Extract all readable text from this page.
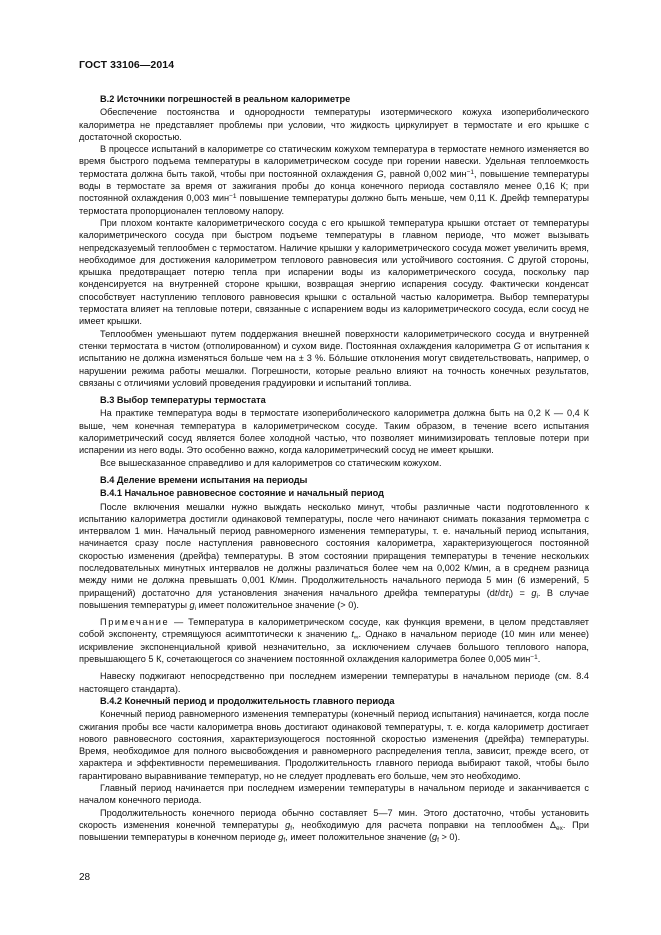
ГОСТ 33106—2014
В.2 Источники погрешностей в реальном калориметре

Обеспечение постоянства и однородности температуры изотермического кожуха изопериболического калориметра не представляет проблемы при условии, что жидкость циркулирует в термостате и его крышке с достаточной скоростью.

В процессе испытаний в калориметре со статическим кожухом температура в термостате немного изменяется во время быстрого подъема температуры в калориметрическом сосуде при горении навески. Удельная теплоемкость термостата должна быть такой, чтобы при постоянной охлаждения G, равной 0,002 мин$^{-1}$, повышение температуры воды в термостате за время от зажигания пробы до конца конечного периода составляло менее 0,16 К; при постоянной охлаждения 0,003 мин$^{-1}$ повышение температуры должно быть меньше, чем 0,11 К. Дрейф температуры термостата пропорционален тепловому напору.

При плохом контакте калориметрического сосуда с его крышкой температура крышки отстает от температуры калориметрического сосуда при быстром подъеме температуры в главном периоде, что может вызывать непредсказуемый теплообмен с термостатом. Наличие крышки у калориметрического сосуда может увеличить время, необходимое для достижения калориметром теплового равновесия или устойчивого состояния. С другой стороны, крышка предотвращает потерю тепла при испарении воды из калориметрического сосуда, поскольку пар конденсируется на внутренней стороне крышки, возвращая энергию испарения сосуду. Фактически конденсат способствует наступлению теплового равновесия крышки с остальной частью калориметра. Выбор температуры термостата влияет на тепловые потери, связанные с испарением воды из калориметрического сосуда, если сосуд не имеет крышки.

Теплообмен уменьшают путем поддержания внешней поверхности калориметрического сосуда и внутренней стенки термостата в чистом (отполированном) и сухом виде. Постоянная охлаждения калориметра G от испытания к испытанию не должна изменяться больше чем на ± 3 %. Бóльшие отклонения могут свидетельствовать, например, о нарушении режима работы мешалки. Погрешности, которые реально влияют на точность конечных результатов, связаны с отличиями условий проведения градуировки и испытаний топлива.

В.3 Выбор температуры термостата

На практике температура воды в термостате изопериболического калориметра должна быть на 0,2 К — 0,4 К выше, чем конечная температура в калориметрическом сосуде. Таким образом, в течение всего испытания калориметрический сосуд является более холодной частью, что позволяет минимизировать тепловые потери при испарении из него воды. Это особенно важно, когда калориметрический сосуд не имеет крышки.

Все вышесказанное справедливо и для калориметров со статическим кожухом.

В.4 Деление времени испытания на периоды
В.4.1 Начальное равновесное состояние и начальный период

После включения мешалки нужно выждать несколько минут, чтобы различные части подготовленного к испытанию калориметра достигли одинаковой температуры, после чего начинают снимать показания термометра с интервалом 1 мин. Начальный период равномерного изменения температуры, т. е. начальный период испытания, начинается сразу после наступления равновесного состояния калориметра, характеризующегося постоянной скоростью изменения (дрейфа) температуры. В этом состоянии приращения температуры в течение нескольких последовательных минутных интервалов не должны различаться более чем на 0,002 К/мин, а в среднем разница между ними не должна превышать 0,001 К/мин. Продолжительность начального периода 5 мин (6 измерений, 5 приращений) достаточно для установления значения начального дрейфа температуры $(dt/d\tau_i) = g_i$. В случае повышения температуры $g_i$ имеет положительное значение (> 0).

Примечание — Температура в калориметрическом сосуде, как функция времени, в целом представляет собой экспоненту, стремящуюся асимптотически к значению $t_\infty$. Однако в начальном периоде (10 мин или менее) искривление экспоненциальной кривой незначительно, за исключением случаев большого теплового напора, превышающего 5 К, сочетающегося со значением постоянной охлаждения калориметра более 0,005 мин$^{-1}$.

Навеску поджигают непосредственно при последнем измерении температуры в начальном периоде (см. 8.4 настоящего стандарта).

В.4.2 Конечный период и продолжительность главного периода

Конечный период равномерного изменения температуры (конечный период испытания) начинается, когда после сжигания пробы все части калориметра вновь достигают одинаковой температуры, т. е. когда калориметр достигает нового равновесного состояния, характеризующегося постоянной скоростью изменения (дрейфа) температуры. Время, необходимое для полного высвобождения и равномерного распределения тепла, зависит, прежде всего, от характера и эффективности перемешивания. Продолжительность главного периода выбирают такой, чтобы было гарантировано выравнивание температур, но не следует продлевать его больше, чем это необходимо.

Главный период начинается при последнем измерении температуры в начальном периоде и заканчивается с началом конечного периода.

Продолжительность конечного периода обычно составляет 5—7 мин. Этого достаточно, чтобы установить скорость изменения конечной температуры $g_f$, необходимую для расчета поправки на теплообмен $\Delta_{ex}$. При повышении температуры в конечном периоде $g_f$, имеет положительное значение $(g_f > 0)$.

28
